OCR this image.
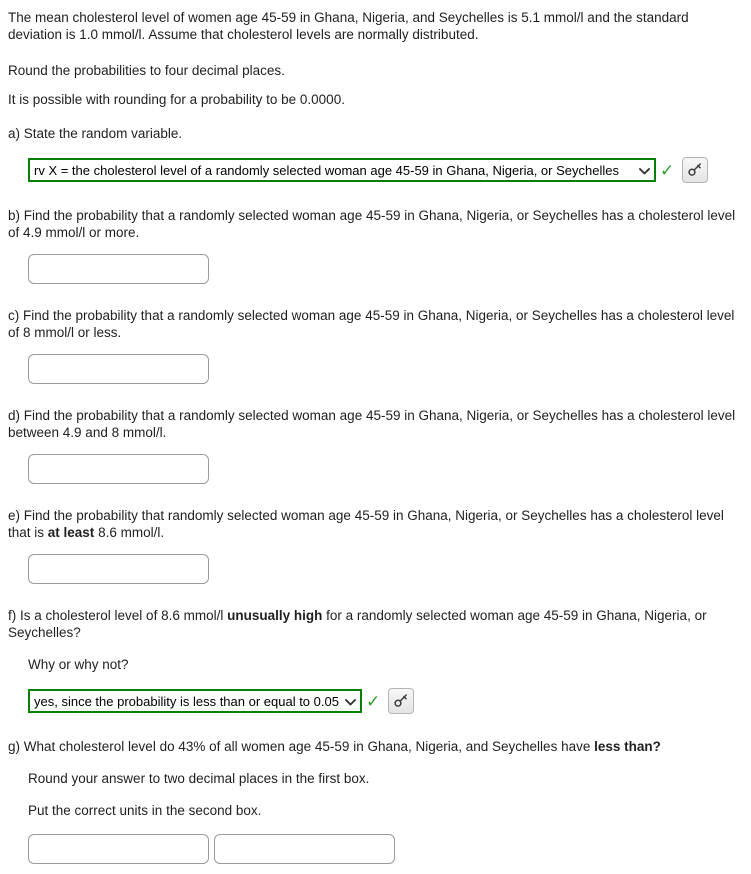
The mean cholesterol level of women age 45-59 in Ghana, Nigeria, and Seychelles is 5.1 mmol/l and the standard deviation is 1.0 mmol/l. Assume that cholesterol levels are normally distributed.

Round the probabilities to four decimal places.

It is possible with rounding for a probability to be 0.0000.

a) State the random variable.

rv X = the cholesterol level of a randomly selected woman age 45-59 in Ghana, Nigeria, or Seychelles ✓

b) Find the probability that a randomly selected woman age 45-59 in Ghana, Nigeria, or Seychelles has a cholesterol level of 4.9 mmol/l or more.

c) Find the probability that a randomly selected woman age 45-59 in Ghana, Nigeria, or Seychelles has a cholesterol level of 8 mmol/l or less.

d) Find the probability that a randomly selected woman age 45-59 in Ghana, Nigeria, or Seychelles has a cholesterol level between 4.9 and 8 mmol/l.

e) Find the probability that randomly selected woman age 45-59 in Ghana, Nigeria, or Seychelles has a cholesterol level that is at least 8.6 mmol/l.

f) Is a cholesterol level of 8.6 mmol/l unusually high for a randomly selected woman age 45-59 in Ghana, Nigeria, or Seychelles?

Why or why not?

yes, since the probability is less than or equal to 0.05 ✓

g) What cholesterol level do 43% of all women age 45-59 in Ghana, Nigeria, and Seychelles have less than?

Round your answer to two decimal places in the first box.

Put the correct units in the second box.
